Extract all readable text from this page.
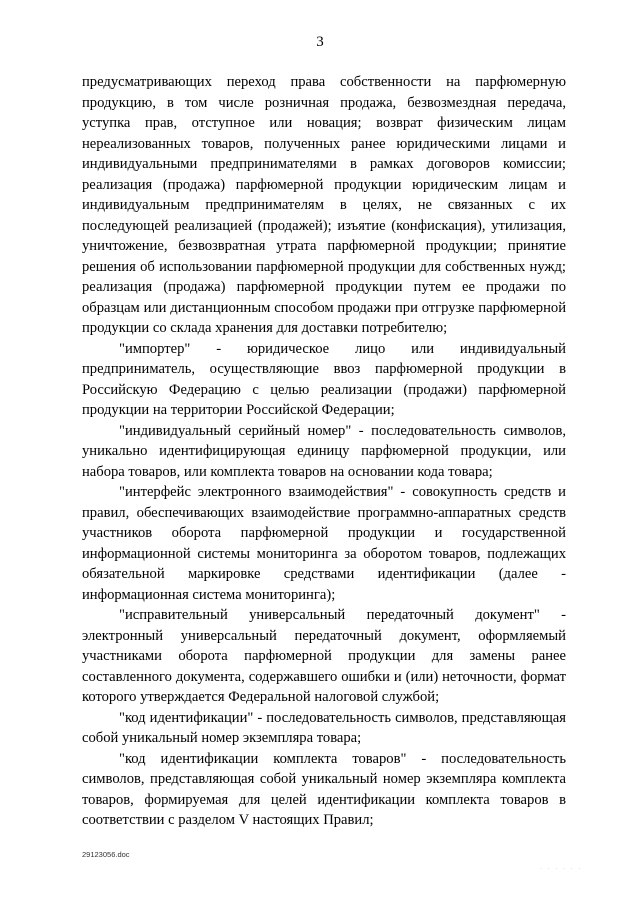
3

предусматривающих переход права собственности на парфюмерную продукцию, в том числе розничная продажа, безвозмездная передача, уступка прав, отступное или новация; возврат физическим лицам нереализованных товаров, полученных ранее юридическими лицами и индивидуальными предпринимателями в рамках договоров комиссии; реализация (продажа) парфюмерной продукции юридическим лицам и индивидуальным предпринимателям в целях, не связанных с их последующей реализацией (продажей); изъятие (конфискация), утилизация, уничтожение, безвозвратная утрата парфюмерной продукции; принятие решения об использовании парфюмерной продукции для собственных нужд; реализация (продажа) парфюмерной продукции путем ее продажи по образцам или дистанционным способом продажи при отгрузке парфюмерной продукции со склада хранения для доставки потребителю;

"импортер" - юридическое лицо или индивидуальный предприниматель, осуществляющие ввоз парфюмерной продукции в Российскую Федерацию с целью реализации (продажи) парфюмерной продукции на территории Российской Федерации;

"индивидуальный серийный номер" - последовательность символов, уникально идентифицирующая единицу парфюмерной продукции, или набора товаров, или комплекта товаров на основании кода товара;

"интерфейс электронного взаимодействия" - совокупность средств и правил, обеспечивающих взаимодействие программно-аппаратных средств участников оборота парфюмерной продукции и государственной информационной системы мониторинга за оборотом товаров, подлежащих обязательной маркировке средствами идентификации (далее - информационная система мониторинга);

"исправительный универсальный передаточный документ" - электронный универсальный передаточный документ, оформляемый участниками оборота парфюмерной продукции для замены ранее составленного документа, содержавшего ошибки и (или) неточности, формат которого утверждается Федеральной налоговой службой;

"код идентификации" - последовательность символов, представляющая собой уникальный номер экземпляра товара;

"код идентификации комплекта товаров" - последовательность символов, представляющая собой уникальный номер экземпляра комплекта товаров, формируемая для целей идентификации комплекта товаров в соответствии с разделом V настоящих Правил;

29123056.doc
· · · · · ·
